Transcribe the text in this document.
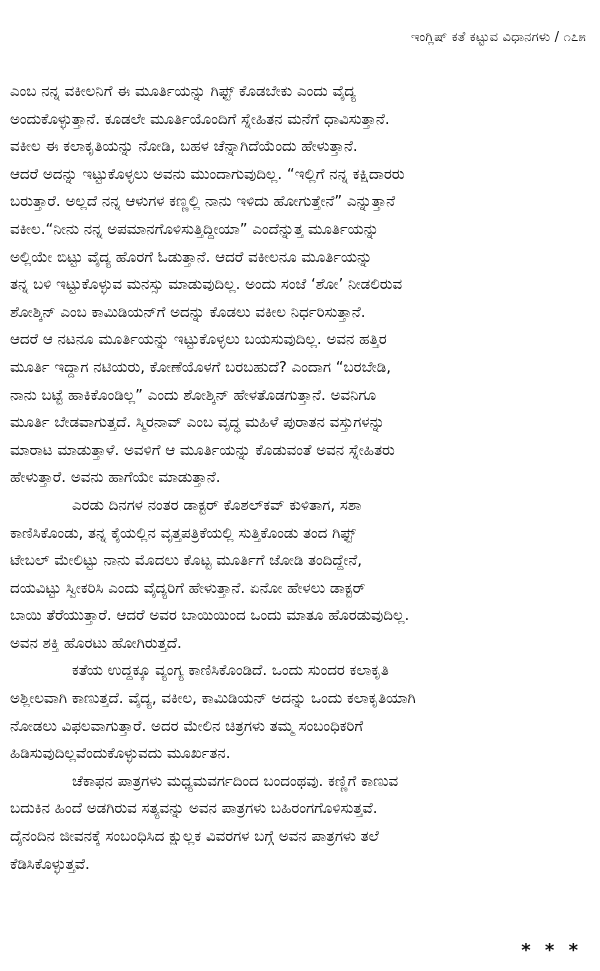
ಇಂಗ್ಲಿಷ್ ಕತೆ ಕಟ್ಟುವ ವಿಧಾನಗಳು / ೧೭೫
ಎಂಬ ನನ್ನ ವಕೀಲನಿಗೆ ಈ ಮೂರ್ತಿಯನ್ನು ಗಿಫ್ಟ್ ಕೊಡಬೇಕು ಎಂದು ವೈದ್ಯ
ಅಂದುಕೊಳ್ಳುತ್ತಾನೆ. ಕೂಡಲೇ ಮೂರ್ತಿಯೊಂದಿಗೆ ಸ್ನೇಹಿತನ ಮನೆಗೆ ಧಾವಿಸುತ್ತಾನೆ.
ವಕೀಲ ಈ ಕಲಾಕೃತಿಯನ್ನು ನೋಡಿ, ಬಹಳ ಚೆನ್ನಾಗಿದೆಯೆಂದು ಹೇಳುತ್ತಾನೆ.
ಆದರೆ ಅದನ್ನು ಇಟ್ಟುಕೊಳ್ಳಲು ಅವನು ಮುಂದಾಗುವುದಿಲ್ಲ. “ಇಲ್ಲಿಗೆ ನನ್ನ ಕಕ್ಷಿದಾರರು
ಬರುತ್ತಾರೆ. ಅಲ್ಲದೆ ನನ್ನ ಆಳುಗಳ ಕಣ್ಣಲ್ಲಿ ನಾನು ಇಳಿದು ಹೋಗುತ್ತೇನೆ” ಎನ್ನುತ್ತಾನೆ
ವಕೀಲ.“ನೀನು ನನ್ನ ಅಪಮಾನಗೊಳಿಸುತ್ತಿದ್ದೀಯಾ” ಎಂದೆನ್ನುತ್ತ ಮೂರ್ತಿಯನ್ನು
ಅಲ್ಲಿಯೇ ಬಿಟ್ಟು ವೈದ್ಯ ಹೊರಗೆ ಓಡುತ್ತಾನೆ. ಆದರೆ ವಕೀಲನೂ ಮೂರ್ತಿಯನ್ನು
ತನ್ನ ಬಳಿ ಇಟ್ಟುಕೊಳ್ಳುವ ಮನಸ್ಸು ಮಾಡುವುದಿಲ್ಲ. ಅಂದು ಸಂಜೆ ‘ಶೋ’ ನೀಡಲಿರುವ
ಶೋಶ್ಕಿನ್ ಎಂಬ ಕಾಮಿಡಿಯನ್‌ಗೆ ಅದನ್ನು ಕೊಡಲು ವಕೀಲ ನಿರ್ಧರಿಸುತ್ತಾನೆ.
ಆದರೆ ಆ ನಟನೂ ಮೂರ್ತಿಯನ್ನು ಇಟ್ಟುಕೊಳ್ಳಲು ಬಯಸುವುದಿಲ್ಲ. ಅವನ ಹತ್ತಿರ
ಮೂರ್ತಿ ಇದ್ದಾಗ ನಟಿಯರು, ಕೋಣೆಯೊಳಗೆ ಬರಬಹುದೆ? ಎಂದಾಗ “ಬರಬೇಡಿ,
ನಾನು ಬಟ್ಟೆ ಹಾಕಿಕೊಂಡಿಲ್ಲ” ಎಂದು ಶೋಶ್ಕಿನ್ ಹೇಳತೊಡಗುತ್ತಾನೆ. ಅವನಿಗೂ
ಮೂರ್ತಿ ಬೇಡವಾಗುತ್ತದೆ. ಸ್ಮಿರನಾವ್ ಎಂಬ ವೃದ್ಧ ಮಹಿಳೆ ಪುರಾತನ ವಸ್ತುಗಳನ್ನು
ಮಾರಾಟ ಮಾಡುತ್ತಾಳೆ. ಅವಳಿಗೆ ಆ ಮೂರ್ತಿಯನ್ನು ಕೊಡುವಂತೆ ಅವನ ಸ್ನೇಹಿತರು
ಹೇಳುತ್ತಾರೆ. ಅವನು ಹಾಗೆಯೇ ಮಾಡುತ್ತಾನೆ.
ಎರಡು ದಿನಗಳ ನಂತರ ಡಾಕ್ಟರ್ ಕೊಶಲ್‌ಕವ್ ಕುಳಿತಾಗ, ಸಶಾ
ಕಾಣಿಸಿಕೊಂಡು, ತನ್ನ ಕೈಯಲ್ಲಿನ ವೃತ್ತಪತ್ರಿಕೆಯಲ್ಲಿ ಸುತ್ತಿಕೊಂಡು ತಂದ ಗಿಫ್ಟ್
ಟೇಬಲ್ ಮೇಲಿಟ್ಟು ನಾನು ಮೊದಲು ಕೊಟ್ಟ ಮೂರ್ತಿಗೆ ಜೋಡಿ ತಂದಿದ್ದೇನೆ,
ದಯವಿಟ್ಟು ಸ್ವೀಕರಿಸಿ ಎಂದು ವೈದ್ಯರಿಗೆ ಹೇಳುತ್ತಾನೆ. ಏನೋ ಹೇಳಲು ಡಾಕ್ಟರ್
ಬಾಯಿ ತೆರೆಯುತ್ತಾರೆ. ಆದರೆ ಅವರ ಬಾಯಿಯಿಂದ ಒಂದು ಮಾತೂ ಹೊರಡುವುದಿಲ್ಲ.
ಅವನ ಶಕ್ತಿ ಹೊರಟು ಹೋಗಿರುತ್ತದೆ.
ಕತೆಯ ಉದ್ದಕ್ಕೂ ವ್ಯಂಗ್ಯ ಕಾಣಿಸಿಕೊಂಡಿದೆ. ಒಂದು ಸುಂದರ ಕಲಾಕೃತಿ
ಅಶ್ಲೀಲವಾಗಿ ಕಾಣುತ್ತದೆ. ವೈದ್ಯ, ವಕೀಲ, ಕಾಮಿಡಿಯನ್ ಅದನ್ನು ಒಂದು ಕಲಾಕೃತಿಯಾಗಿ
ನೋಡಲು ವಿಫಲವಾಗುತ್ತಾರೆ. ಅದರ ಮೇಲಿನ ಚಿತ್ರಗಳು ತಮ್ಮ ಸಂಬಂಧಿಕರಿಗೆ
ಹಿಡಿಸುವುದಿಲ್ಲವೆಂದುಕೊಳ್ಳುವದು ಮೂರ್ಖತನ.
ಚೆಕಾಫನ ಪಾತ್ರಗಳು ಮಧ್ಯಮವರ್ಗದಿಂದ ಬಂದಂಥವು. ಕಣ್ಣಿಗೆ ಕಾಣುವ
ಬದುಕಿನ ಹಿಂದೆ ಅಡಗಿರುವ ಸತ್ಯವನ್ನು ಅವನ ಪಾತ್ರಗಳು ಬಹಿರಂಗಗೊಳಿಸುತ್ತವೆ.
ದೈನಂದಿನ ಜೀವನಕ್ಕೆ ಸಂಬಂಧಿಸಿದ ಕ್ಷುಲ್ಲಕ ವಿವರಗಳ ಬಗ್ಗೆ ಅವನ ಪಾತ್ರಗಳು ತಲೆ
ಕೆಡಿಸಿಕೊಳ್ಳುತ್ತವೆ.
* * *
